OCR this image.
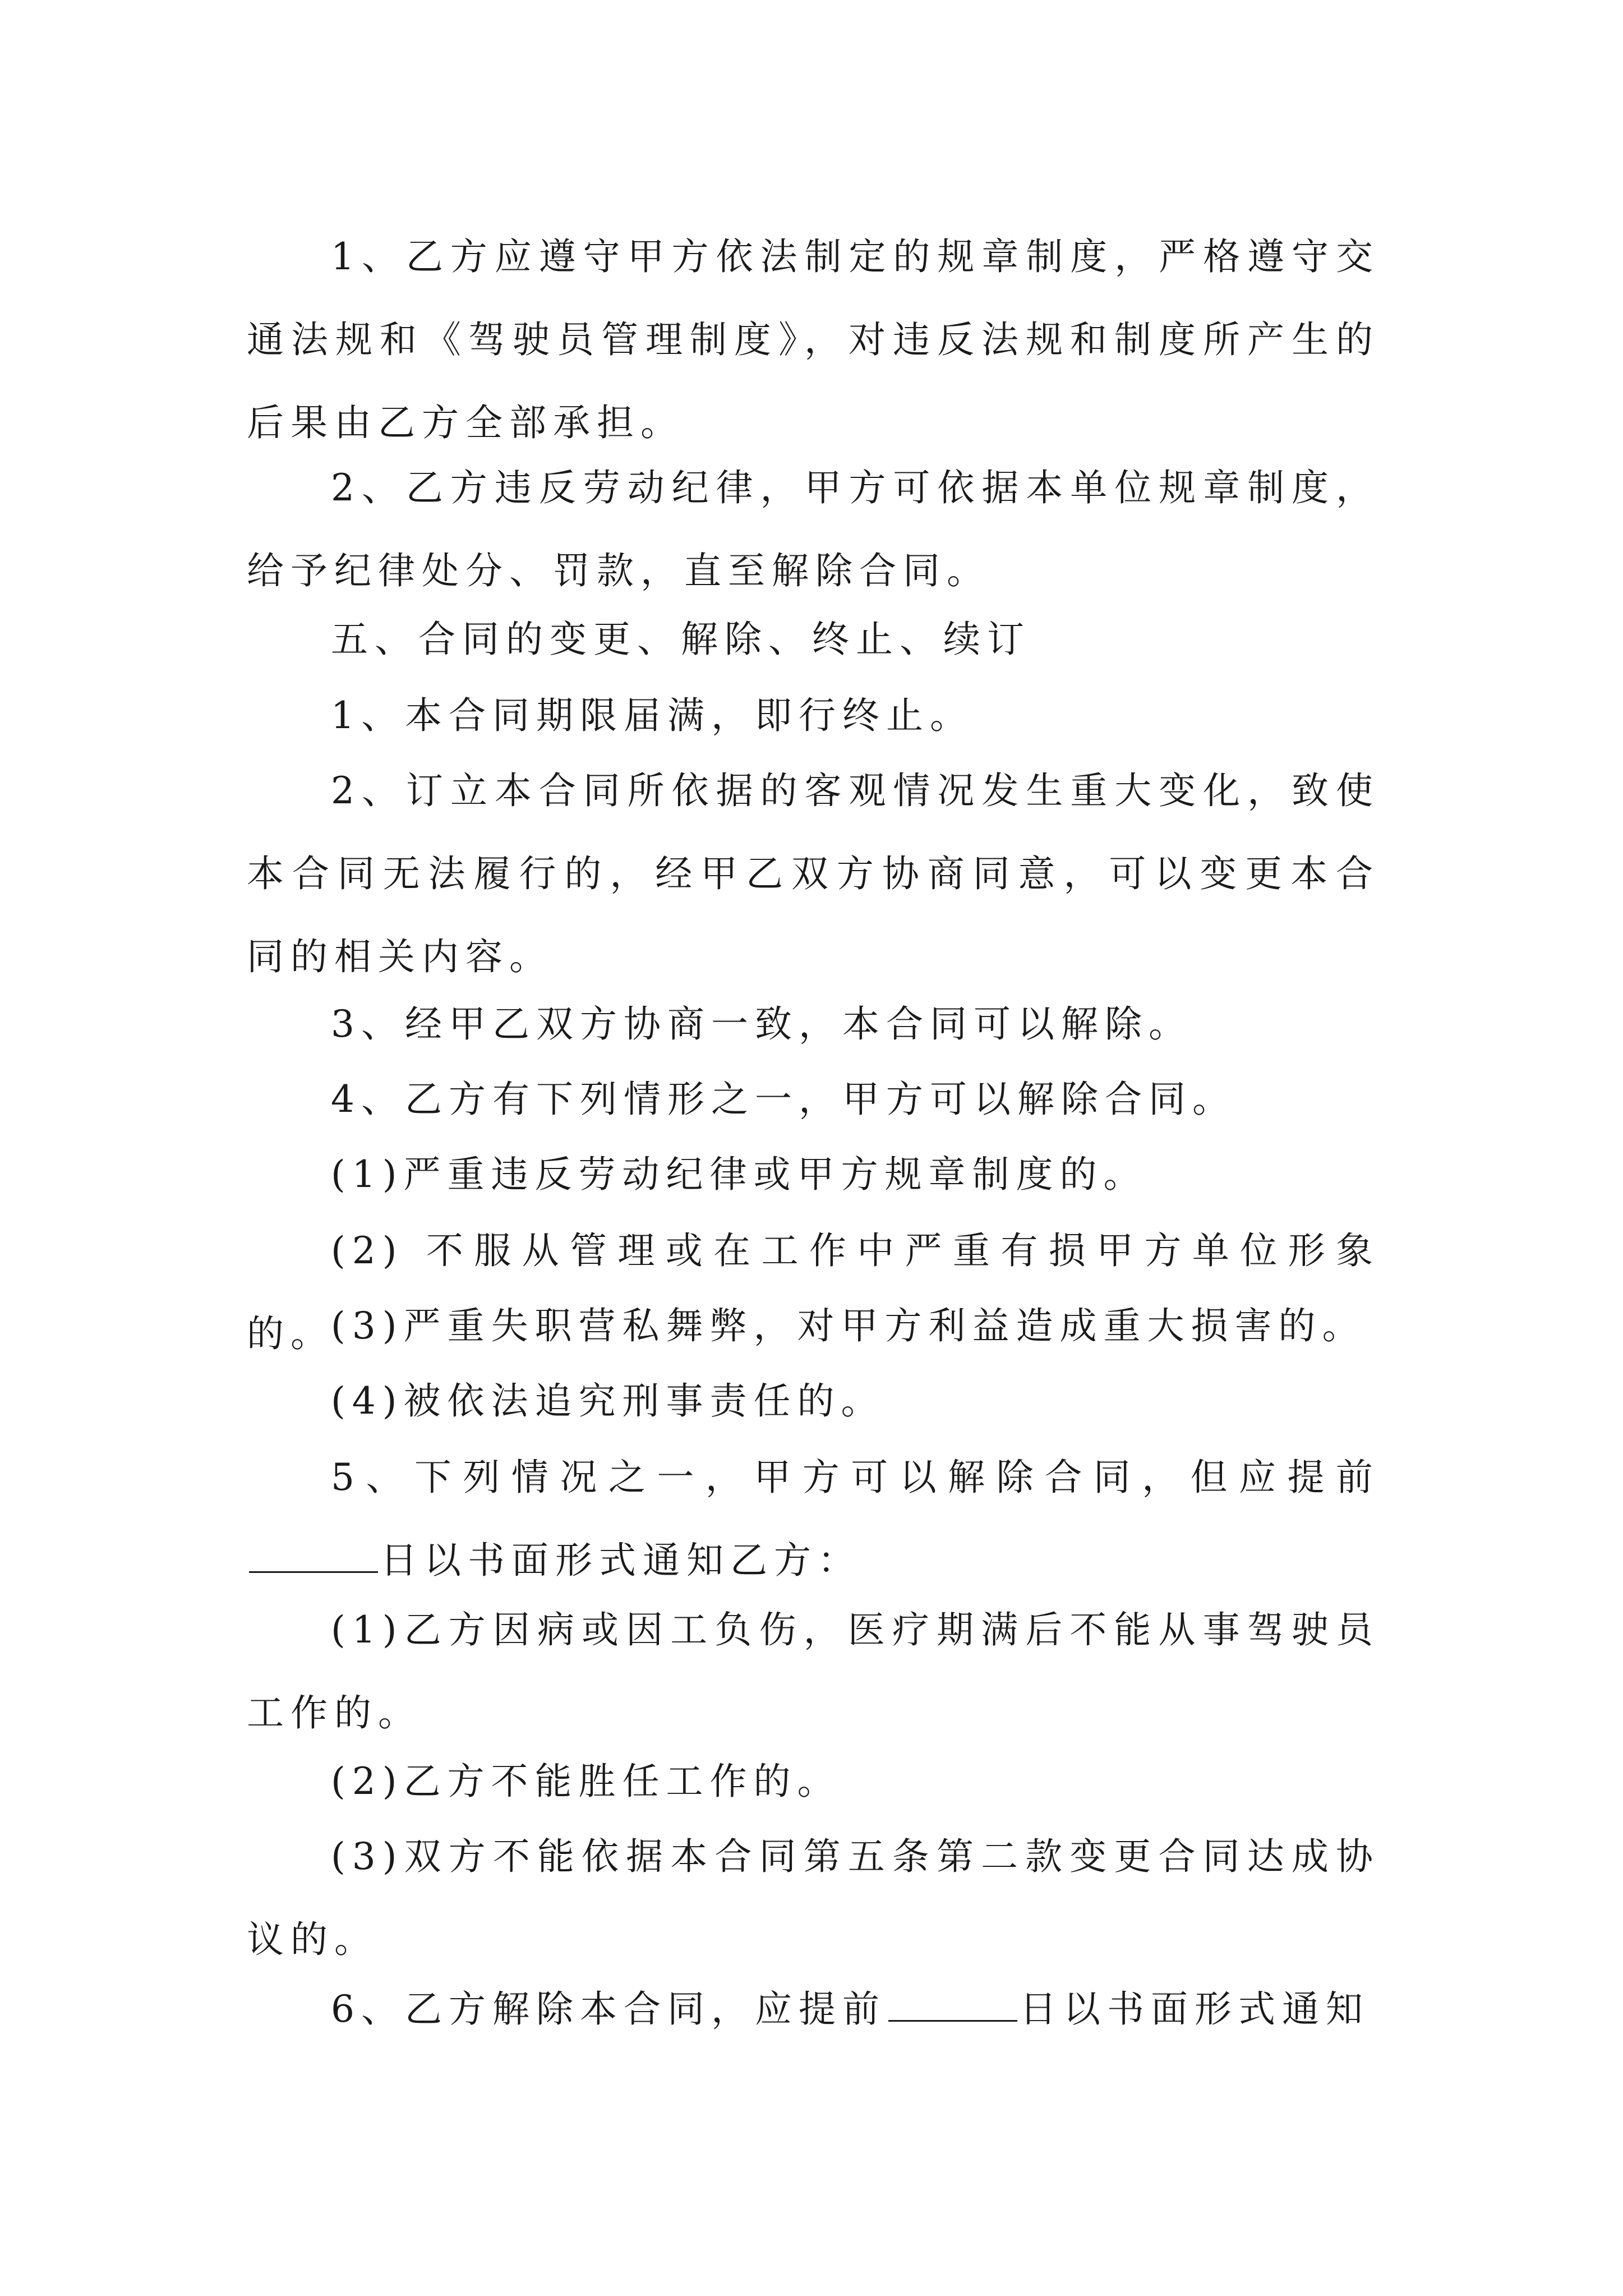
1、乙方应遵守甲方依法制定的规章制度，严格遵守交通法规和《驾驶员管理制度》，对违反法规和制度所产生的后果由乙方全部承担。

2、乙方违反劳动纪律，甲方可依据本单位规章制度，给予纪律处分、罚款，直至解除合同。

五、合同的变更、解除、终止、续订

1、本合同期限届满，即行终止。

2、订立本合同所依据的客观情况发生重大变化，致使本合同无法履行的，经甲乙双方协商同意，可以变更本合同的相关内容。

3、经甲乙双方协商一致，本合同可以解除。

4、乙方有下列情形之一，甲方可以解除合同。

(1)严重违反劳动纪律或甲方规章制度的。

(2) 不服从管理或在工作中严重有损甲方单位形象的。

(3)严重失职营私舞弊，对甲方利益造成重大损害的。

(4)被依法追究刑事责任的。

5、下列情况之一，甲方可以解除合同，但应提前日以书面形式通知乙方：

(1)乙方因病或因工负伤，医疗期满后不能从事驾驶员工作的。

(2)乙方不能胜任工作的。

(3)双方不能依据本合同第五条第二款变更合同达成协议的。

6、乙方解除本合同，应提前	日以书面形式通知
